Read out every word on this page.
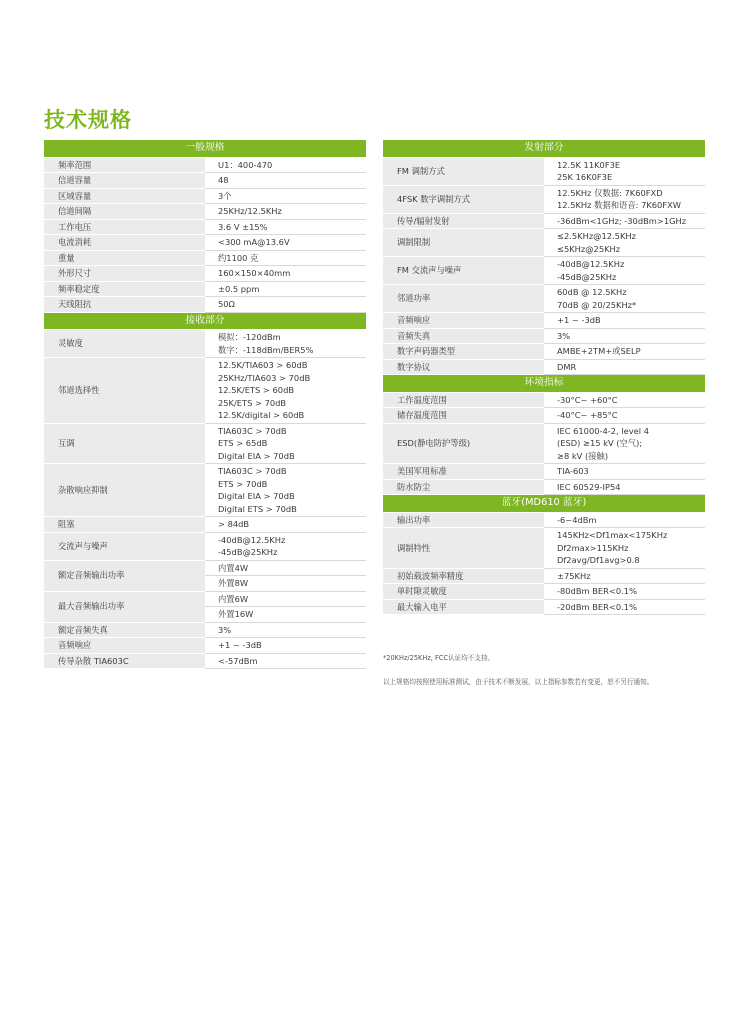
技术规格
一般规格	
频率范围	U1：400-470

信道容量	48

区域容量	3个

信道间隔	25KHz/12.5KHz

工作电压	3.6 V ±15%

电流消耗	<300 mA@13.6V

重量	约1100 克

外形尺寸	160×150×40mm

频率稳定度	±0.5 ppm

天线阻抗	50Ω

接收部分	
灵敏度	模拟：-120dBm
数字：-118dBm/BER5%

邻道选择性	12.5K/TIA603 > 60dB
25KHz/TIA603 > 70dB
12.5K/ETS > 60dB
25K/ETS > 70dB
12.5K/digital > 60dB

互调	TIA603C > 70dB
ETS > 65dB
Digital EIA > 70dB

杂散响应抑制	TIA603C > 70dB
ETS > 70dB
Digital EIA > 70dB
Digital ETS > 70dB

阻塞	> 84dB

交流声与噪声	-40dB@12.5KHz
-45dB@25KHz

额定音频输出功率	内置4W

	外置8W

最大音频输出功率	内置6W

	外置16W

额定音频失真	3%

音频响应	+1 ~ -3dB

传导杂散 TIA603C	<-57dBm
发射部分	
FM 调制方式	12.5K 11K0F3E
25K 16K0F3E

4FSK 数字调制方式	12.5KHz 仅数据: 7K60FXD
12.5KHz 数据和语音: 7K60FXW

传导/辐射发射	-36dBm<1GHz; -30dBm>1GHz

调制限制	≤2.5KHz@12.5KHz
≤5KHz@25KHz

FM 交流声与噪声	-40dB@12.5KHz
-45dB@25KHz

邻道功率	60dB @ 12.5KHz
70dB @ 20/25KHz*

音频响应	+1 ~ -3dB

音频失真	3%

数字声码器类型	AMBE+2TM+或SELP

数字协议	DMR

环境指标	
工作温度范围	-30°C~ +60°C

储存温度范围	-40°C~ +85°C

ESD(静电防护等级)	IEC 61000-4-2, level 4
(ESD) ≥15 kV (空气);
≥8 kV (接触)

美国军用标准	TIA-603

防水防尘	IEC 60529-IP54

蓝牙(MD610 蓝牙)	
输出功率	-6~4dBm

调制特性	145KHz<Df1max<175KHz
Df2max>115KHz
Df2avg/Df1avg>0.8

初始载波频率精度	±75KHz

单时隙灵敏度	-80dBm BER<0.1%

最大输入电平	-20dBm BER<0.1%
*20KHz/25KHz, FCC认证均不支持。
以上规格均按照使用标准测试，由于技术不断发展，以上指标参数若有变更，恕不另行通知。
